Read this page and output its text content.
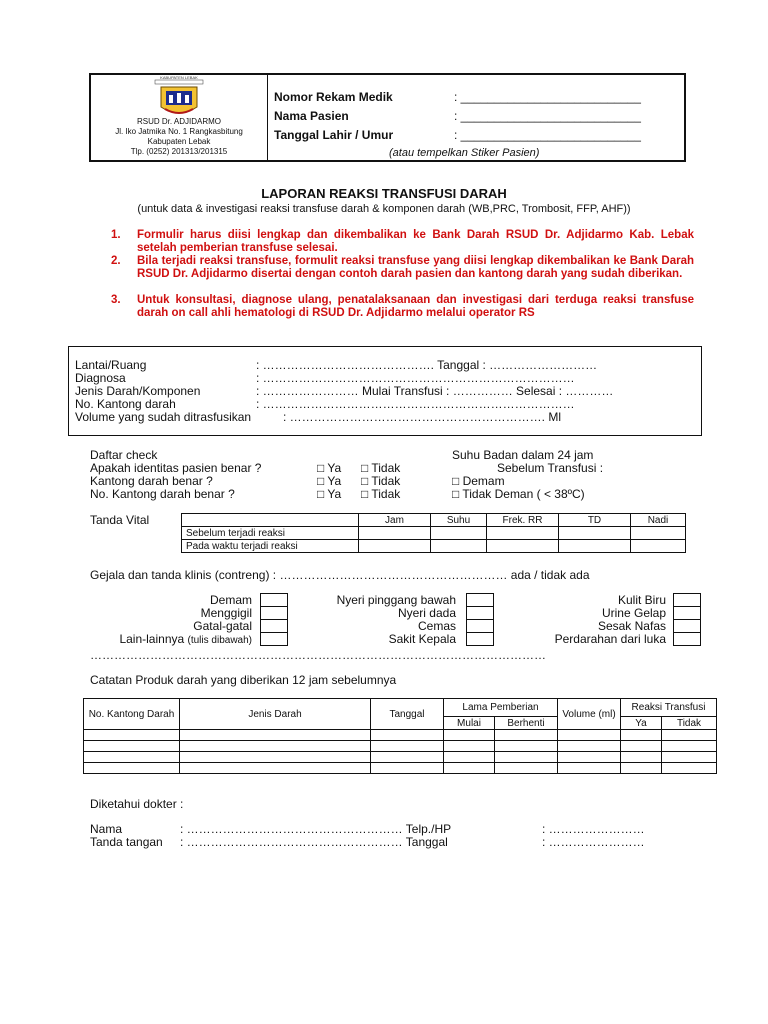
KABUPATEN LEBAK
RSUD Dr. ADJIDARMO
Jl. Iko Jatmika No. 1 Rangkasbitung
Kabupaten Lebak
Tlp. (0252) 201313/201315
Nomor Rekam Medik	: ___________________________
Nama Pasien	: ___________________________
Tanggal Lahir / Umur	: ___________________________
(atau tempelkan Stiker Pasien)
LAPORAN REAKSI TRANSFUSI DARAH
(untuk data & investigasi reaksi transfuse darah & komponen darah (WB,PRC, Trombosit, FFP, AHF))
1. Formulir harus diisi lengkap dan dikembalikan ke Bank Darah RSUD Dr. Adjidarmo Kab. Lebak setelah pemberian transfuse selesai.
2. Bila terjadi reaksi transfuse, formulit reaksi transfuse yang diisi lengkap dikembalikan ke Bank Darah RSUD Dr. Adjidarmo disertai dengan contoh darah pasien dan kantong darah yang sudah diberikan.
3. Untuk konsultasi, diagnose ulang, penatalaksanaan dan investigasi dari terduga reaksi transfuse darah on call ahli hematologi di RSUD Dr. Adjidarmo melalui operator RS
Lantai/Ruang	: ……………………………………. Tanggal : ………………………
Diagnosa	: ……………………………………………………………………
Jenis Darah/Komponen	: …………………… Mulai Transfusi : …………… Selesai : …………
No. Kantong darah	: ……………………………………………………………………
Volume yang sudah ditrasfusikan	: ………………………………………………………. Ml
Daftar check
Apakah identitas pasien benar ?	□ Ya □ Tidak
Kantong darah benar ?	□ Ya □ Tidak
No. Kantong darah benar ?	□ Ya □ Tidak
Suhu Badan dalam 24 jam
Sebelum Transfusi :
□ Demam
□ Tidak Deman ( < 38ºC)
Tanda Vital
		Jam	Suhu	Frek. RR	TD	Nadi
Sebelum terjadi reaksi					
Pada waktu terjadi reaksi					
Gejala dan tanda klinis (contreng) : ………………………………………………… ada / tidak ada
Demam
Menggigil
Gatal-gatal
Lain-lainnya (tulis dibawah)
Nyeri pinggang bawah
Nyeri dada
Cemas
Sakit Kepala
Kulit Biru
Urine Gelap
Sesak Nafas
Perdarahan dari luka
……………………………………………………………………………………………………
Catatan Produk darah yang diberikan 12 jam sebelumnya
No. Kantong Darah	Jenis Darah	Tanggal	Lama Pemberian		Volume (ml)	Reaksi Transfusi	
			Mulai	Berhenti		Ya	Tidak

Diketahui dokter :
Nama	: ……………………………………………… Telp./HP	: ……………………
Tanda tangan : ……………………………………………… Tanggal	: ……………………
